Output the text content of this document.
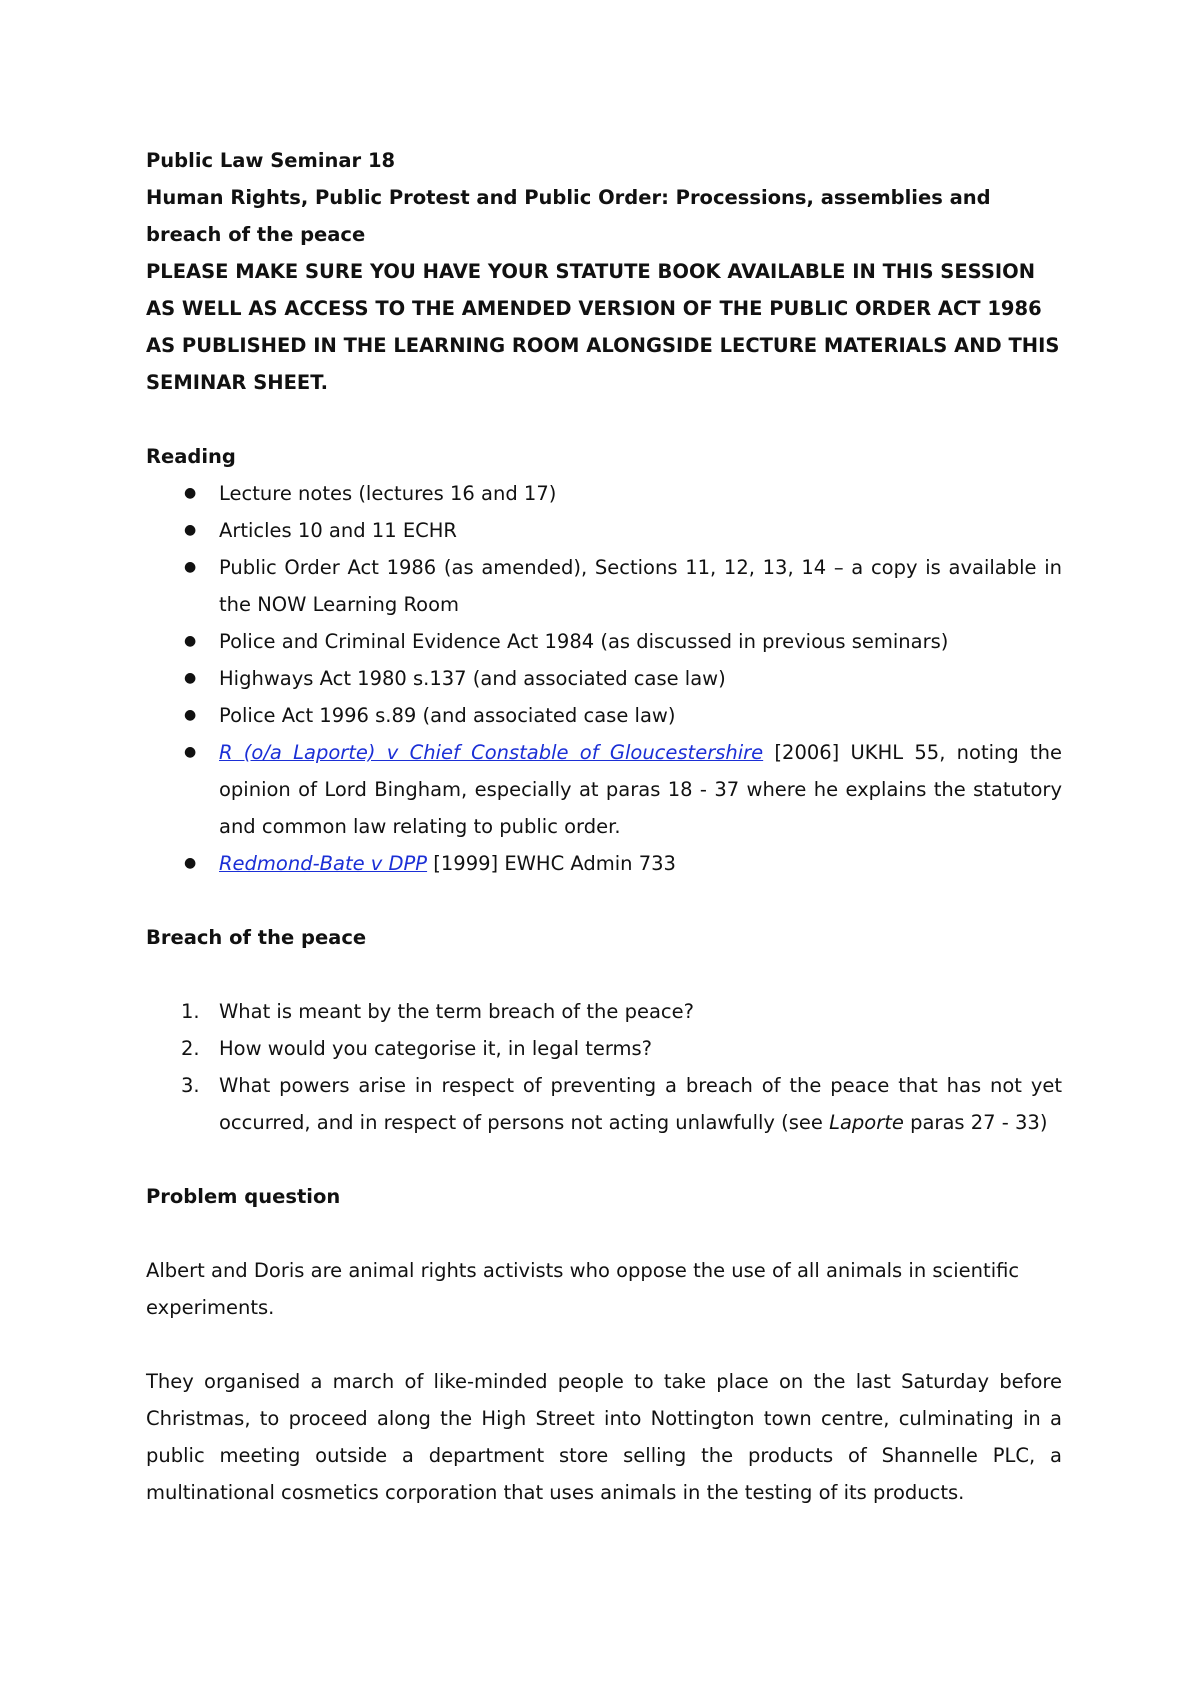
Public Law Seminar 18

Human Rights, Public Protest and Public Order: Processions, assemblies and breach of the peace

PLEASE MAKE SURE YOU HAVE YOUR STATUTE BOOK AVAILABLE IN THIS SESSION AS WELL AS ACCESS TO THE AMENDED VERSION OF THE PUBLIC ORDER ACT 1986 AS PUBLISHED IN THE LEARNING ROOM ALONGSIDE LECTURE MATERIALS AND THIS SEMINAR SHEET.

Reading

● Lecture notes (lectures 16 and 17)
● Articles 10 and 11 ECHR
● Public Order Act 1986 (as amended), Sections 11, 12, 13, 14 – a copy is available in the NOW Learning Room
● Police and Criminal Evidence Act 1984 (as discussed in previous seminars)
● Highways Act 1980 s.137 (and associated case law)
● Police Act 1996 s.89 (and associated case law)
● R (o/a Laporte) v Chief Constable of Gloucestershire [2006] UKHL 55, noting the opinion of Lord Bingham, especially at paras 18 - 37 where he explains the statutory and common law relating to public order.
● Redmond-Bate v DPP [1999] EWHC Admin 733

Breach of the peace

1. What is meant by the term breach of the peace?
2. How would you categorise it, in legal terms?
3. What powers arise in respect of preventing a breach of the peace that has not yet occurred, and in respect of persons not acting unlawfully (see Laporte paras 27 - 33)

Problem question

Albert and Doris are animal rights activists who oppose the use of all animals in scientific experiments.

They organised a march of like-minded people to take place on the last Saturday before Christmas, to proceed along the High Street into Nottington town centre, culminating in a public meeting outside a department store selling the products of Shannelle PLC, a multinational cosmetics corporation that uses animals in the testing of its products.
